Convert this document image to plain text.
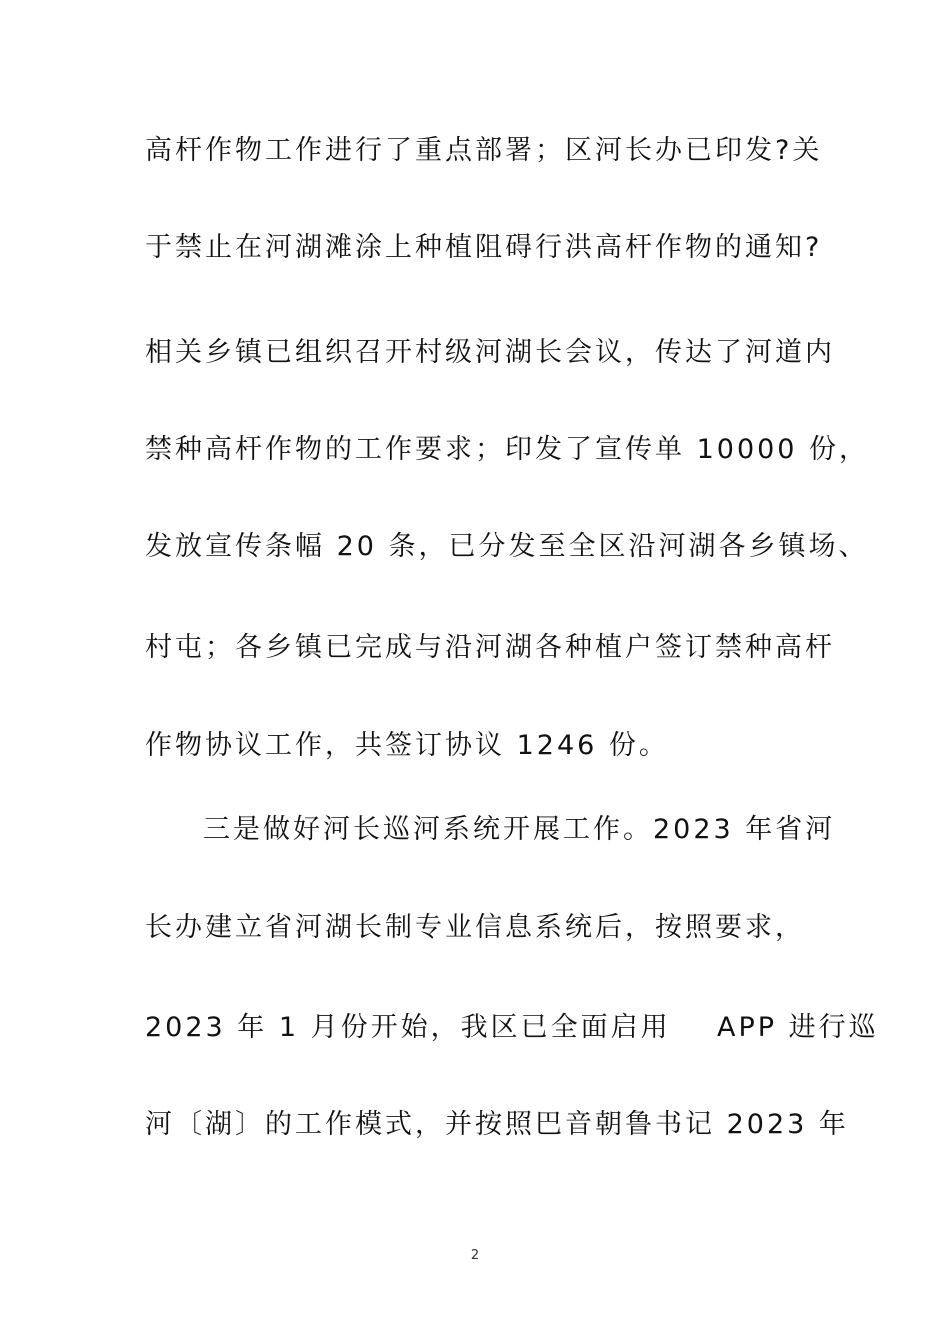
高杆作物工作进行了重点部署；区河长办已印发?关
于禁止在河湖滩涂上种植阻碍行洪高杆作物的通知?
相关乡镇已组织召开村级河湖长会议，传达了河道内
禁种高杆作物的工作要求；印发了宣传单 10000 份，
发放宣传条幅 20 条，已分发至全区沿河湖各乡镇场、
村屯；各乡镇已完成与沿河湖各种植户签订禁种高杆
作物协议工作，共签订协议 1246 份。
三是做好河长巡河系统开展工作。2023 年省河
长办建立省河湖长制专业信息系统后，按照要求，
2023 年 1 月份开始，我区已全面启用    APP 进行巡
河〔湖〕的工作模式，并按照巴音朝鲁书记 2023 年
2
